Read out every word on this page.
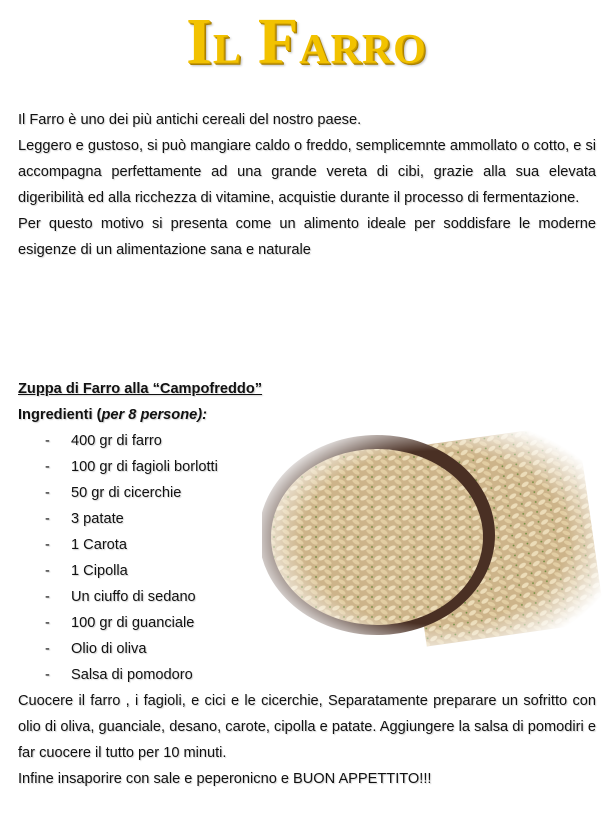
Il Farro

Il Farro è uno dei più antichi cereali del nostro paese.

Leggero e gustoso, si può mangiare caldo o freddo, semplicemnte ammollato o cotto, e si accompagna perfettamente ad una grande vereta di cibi, grazie alla sua elevata digeribilità ed alla ricchezza di vitamine, acquistie durante il processo di fermentazione.

Per questo motivo si presenta come un alimento ideale per soddisfare le moderne esigenze di un alimentazione sana e naturale

Zuppa di Farro alla “Campofreddo”
Ingredienti (per 8 persone):
-	400 gr di farro
-	100 gr di fagioli borlotti
-	50 gr di cicerchie
-	3 patate
-	1 Carota
-	1 Cipolla
-	Un ciuffo di sedano
-	100 gr di guanciale
-	Olio di oliva
-	Salsa di pomodoro

Cuocere il farro , i fagioli, e cici e le cicerchie, Separatamente preparare un sofritto con olio di oliva, guanciale, desano, carote, cipolla e patate. Aggiungere la salsa di pomodiri e far cuocere il tutto per 10 minuti.

Infine insaporire con sale e peperonicno e BUON APPETTITO!!!
